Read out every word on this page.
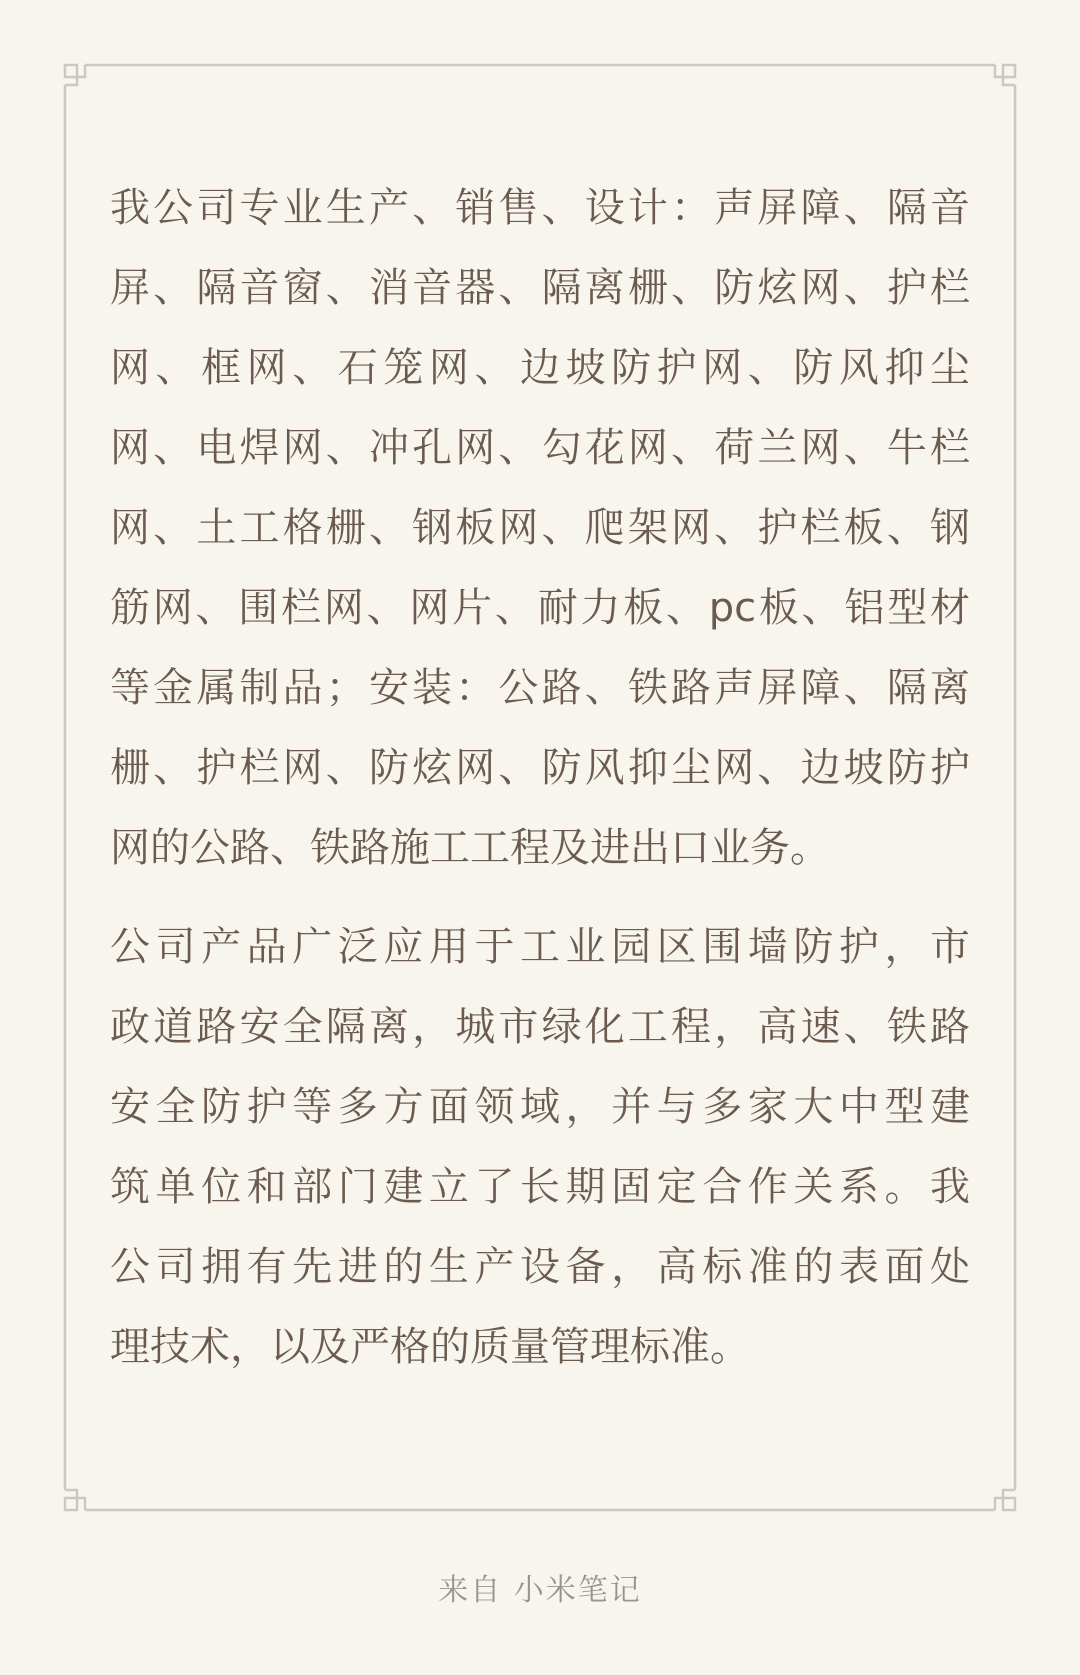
我公司专业生产、销售、设计：声屏障、隔音
屏、隔音窗、消音器、隔离栅、防炫网、护栏
网、框网、石笼网、边坡防护网、防风抑尘
网、电焊网、冲孔网、勾花网、荷兰网、牛栏
网、土工格栅、钢板网、爬架网、护栏板、钢
筋网、围栏网、网片、耐力板、pc板、铝型材
等金属制品；安装：公路、铁路声屏障、隔离
栅、护栏网、防炫网、防风抑尘网、边坡防护
网的公路、铁路施工工程及进出口业务。
公司产品广泛应用于工业园区围墙防护，市
政道路安全隔离，城市绿化工程，高速、铁路
安全防护等多方面领域，并与多家大中型建
筑单位和部门建立了长期固定合作关系。我
公司拥有先进的生产设备，高标准的表面处
理技术，以及严格的质量管理标准。
来自 小米笔记
